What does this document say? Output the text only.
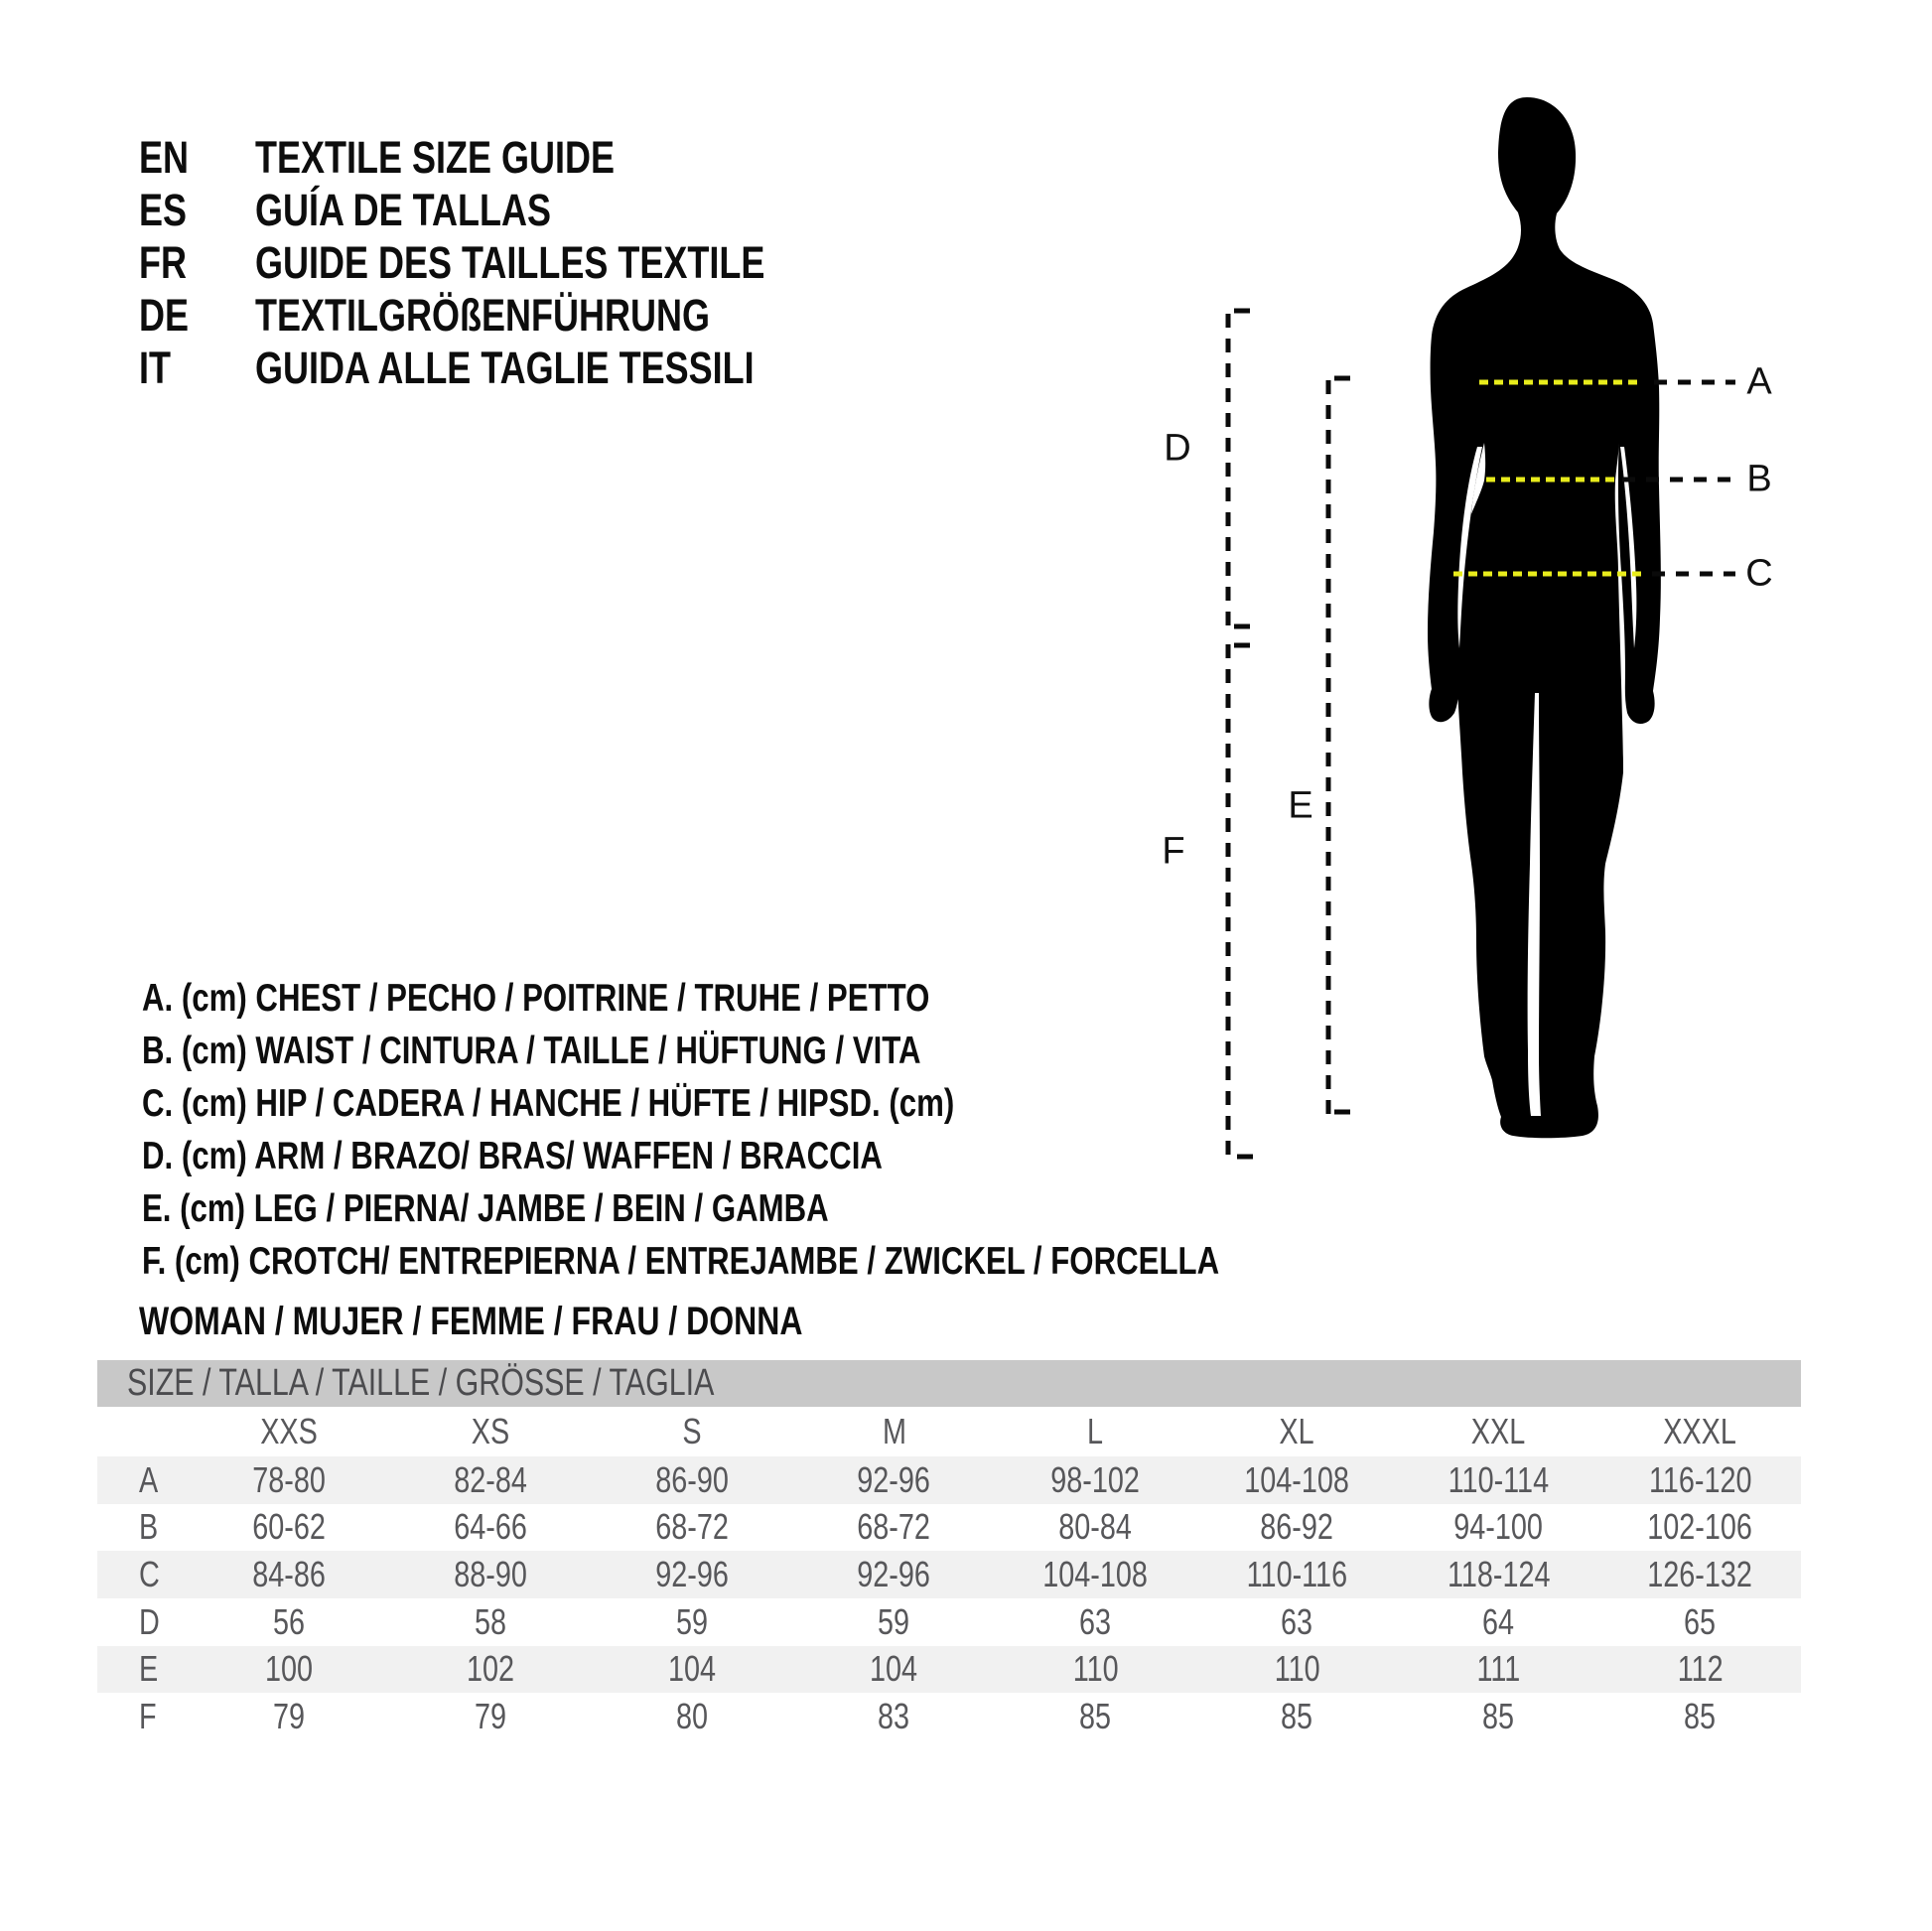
EN	TEXTILE SIZE GUIDE
ES	GUÍA DE TALLAS
FR	GUIDE DES TAILLES TEXTILE
DE	TEXTILGRÖßENFÜHRUNG
IT	GUIDA ALLE TAGLIE TESSILI	A
B
C
D
E
F
A. (cm) CHEST / PECHO / POITRINE / TRUHE / PETTO
B. (cm) WAIST / CINTURA / TAILLE / HÜFTUNG / VITA
C. (cm) HIP / CADERA / HANCHE / HÜFTE / HIPSD. (cm)
D. (cm) ARM / BRAZO/ BRAS/ WAFFEN / BRACCIA
E. (cm) LEG / PIERNA/ JAMBE / BEIN / GAMBA
F. (cm) CROTCH/ ENTREPIERNA / ENTREJAMBE / ZWICKEL / FORCELLA
WOMAN / MUJER / FEMME / FRAU / DONNA
SIZE / TALLA / TAILLE / GRÖSSE / TAGLIA
XXS	XS	S	M	L	XL	XXL	XXXL
A	78-80	82-84	86-90	92-96	98-102	104-108	110-114	116-120
B	60-62	64-66	68-72	68-72	80-84	86-92	94-100	102-106
C	84-86	88-90	92-96	92-96	104-108	110-116	118-124	126-132
D	56	58	59	59	63	63	64	65
E	100	102	104	104	110	110	111	112
F	79	79	80	83	85	85	85	85
